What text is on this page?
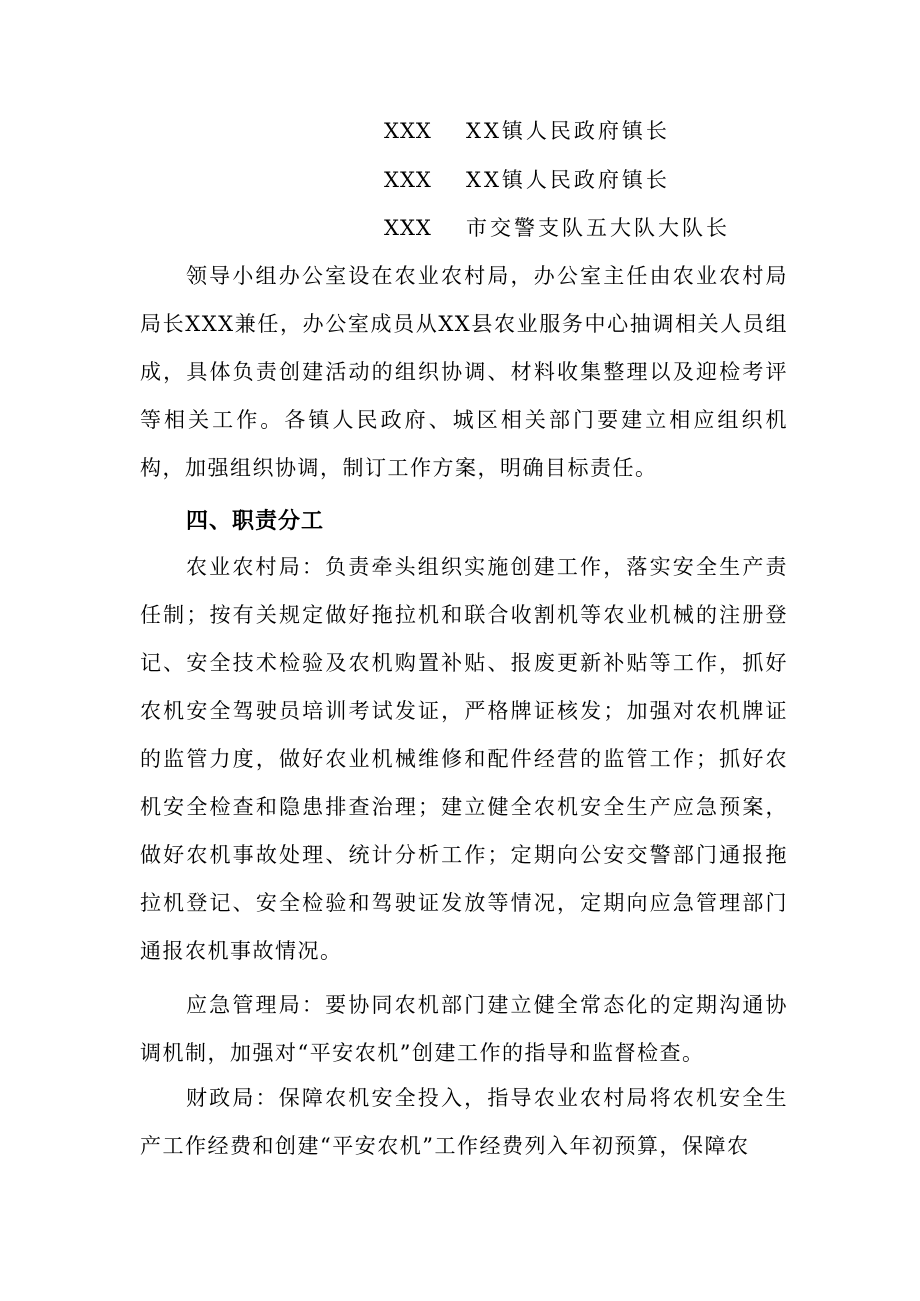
XXX XX镇人民政府镇长
XXX XX镇人民政府镇长
XXX 市交警支队五大队大队长

领导小组办公室设在农业农村局，办公室主任由农业农村局局长XXX兼任，办公室成员从XX县农业服务中心抽调相关人员组成，具体负责创建活动的组织协调、材料收集整理以及迎检考评等相关工作。各镇人民政府、城区相关部门要建立相应组织机构，加强组织协调，制订工作方案，明确目标责任。

四、职责分工

农业农村局：负责牵头组织实施创建工作，落实安全生产责任制；按有关规定做好拖拉机和联合收割机等农业机械的注册登记、安全技术检验及农机购置补贴、报废更新补贴等工作，抓好农机安全驾驶员培训考试发证，严格牌证核发；加强对农机牌证的监管力度，做好农业机械维修和配件经营的监管工作；抓好农机安全检查和隐患排查治理；建立健全农机安全生产应急预案，做好农机事故处理、统计分析工作；定期向公安交警部门通报拖拉机登记、安全检验和驾驶证发放等情况，定期向应急管理部门通报农机事故情况。

应急管理局：要协同农机部门建立健全常态化的定期沟通协调机制，加强对“平安农机”创建工作的指导和监督检查。

财政局：保障农机安全投入，指导农业农村局将农机安全生产工作经费和创建“平安农机”工作经费列入年初预算，保障农
